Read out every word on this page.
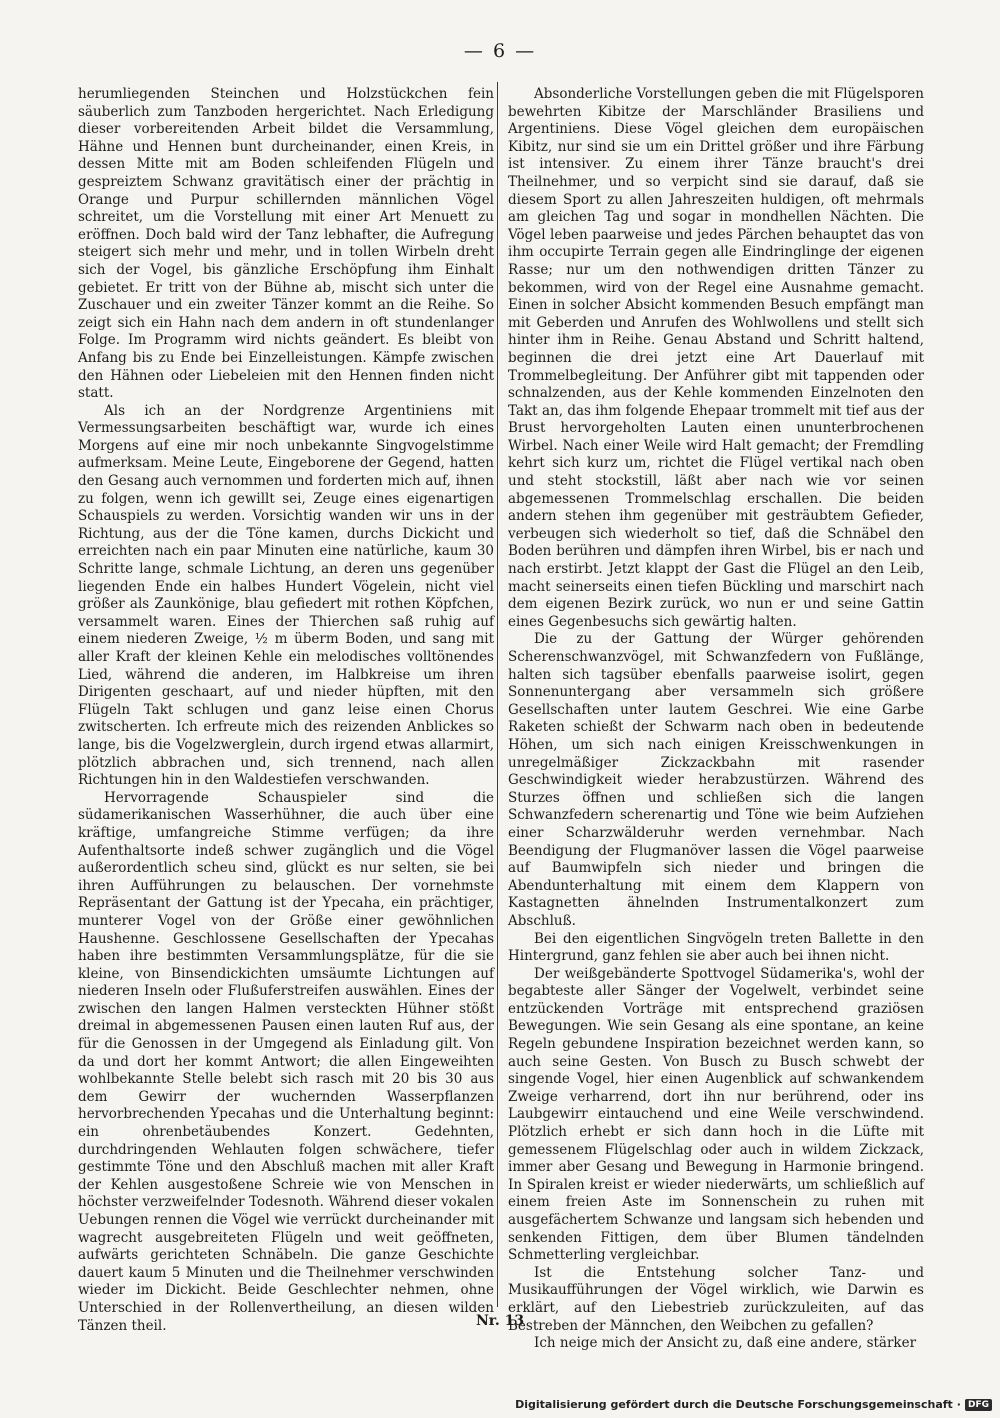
— 6 —

herumliegenden Steinchen und Holzstückchen fein säuberlich zum Tanzboden hergerichtet. Nach Erledigung dieser vorbereitenden Arbeit bildet die Versammlung, Hähne und Hennen bunt durcheinander, einen Kreis, in dessen Mitte mit am Boden schleifenden Flügeln und gespreiztem Schwanz gravitätisch einer der prächtig in Orange und Purpur schillernden männlichen Vögel schreitet, um die Vorstellung mit einer Art Menuett zu eröffnen. Doch bald wird der Tanz lebhafter, die Aufregung steigert sich mehr und mehr, und in tollen Wirbeln dreht sich der Vogel, bis gänzliche Erschöpfung ihm Einhalt gebietet. Er tritt von der Bühne ab, mischt sich unter die Zuschauer und ein zweiter Tänzer kommt an die Reihe. So zeigt sich ein Hahn nach dem andern in oft stundenlanger Folge. Im Programm wird nichts geändert. Es bleibt von Anfang bis zu Ende bei Einzelleistungen. Kämpfe zwischen den Hähnen oder Liebeleien mit den Hennen finden nicht statt.

Als ich an der Nordgrenze Argentiniens mit Vermessungsarbeiten beschäftigt war, wurde ich eines Morgens auf eine mir noch unbekannte Singvogelstimme aufmerksam. Meine Leute, Eingeborene der Gegend, hatten den Gesang auch vernommen und forderten mich auf, ihnen zu folgen, wenn ich gewillt sei, Zeuge eines eigenartigen Schauspiels zu werden. Vorsichtig wanden wir uns in der Richtung, aus der die Töne kamen, durchs Dickicht und erreichten nach ein paar Minuten eine natürliche, kaum 30 Schritte lange, schmale Lichtung, an deren uns gegenüber liegenden Ende ein halbes Hundert Vögelein, nicht viel größer als Zaunkönige, blau gefiedert mit rothen Köpfchen, versammelt waren. Eines der Thierchen saß ruhig auf einem niederen Zweige, ½ m überm Boden, und sang mit aller Kraft der kleinen Kehle ein melodisches volltönendes Lied, während die anderen, im Halbkreise um ihren Dirigenten geschaart, auf und nieder hüpften, mit den Flügeln Takt schlugen und ganz leise einen Chorus zwitscherten. Ich erfreute mich des reizenden Anblickes so lange, bis die Vogelzwerglein, durch irgend etwas allarmirt, plötzlich abbrachen und, sich trennend, nach allen Richtungen hin in den Waldestiefen verschwanden.

Hervorragende Schauspieler sind die südamerikanischen Wasserhühner, die auch über eine kräftige, umfangreiche Stimme verfügen; da ihre Aufenthaltsorte indeß schwer zugänglich und die Vögel außerordentlich scheu sind, glückt es nur selten, sie bei ihren Aufführungen zu belauschen. Der vornehmste Repräsentant der Gattung ist der Ypecaha, ein prächtiger, munterer Vogel von der Größe einer gewöhnlichen Haushenne. Geschlossene Gesellschaften der Ypecahas haben ihre bestimmten Versammlungsplätze, für die sie kleine, von Binsendickichten umsäumte Lichtungen auf niederen Inseln oder Flußuferstreifen auswählen. Eines der zwischen den langen Halmen versteckten Hühner stößt dreimal in abgemessenen Pausen einen lauten Ruf aus, der für die Genossen in der Umgegend als Einladung gilt. Von da und dort her kommt Antwort; die allen Eingeweihten wohlbekannte Stelle belebt sich rasch mit 20 bis 30 aus dem Gewirr der wuchernden Wasserpflanzen hervorbrechenden Ypecahas und die Unterhaltung beginnt: ein ohrenbetäubendes Konzert. Gedehnten, durchdringenden Wehlauten folgen schwächere, tiefer gestimmte Töne und den Abschluß machen mit aller Kraft der Kehlen ausgestoßene Schreie wie von Menschen in höchster verzweifelnder Todesnoth. Während dieser vokalen Uebungen rennen die Vögel wie verrückt durcheinander mit wagrecht ausgebreiteten Flügeln und weit geöffneten, aufwärts gerichteten Schnäbeln. Die ganze Geschichte dauert kaum 5 Minuten und die Theilnehmer verschwinden wieder im Dickicht. Beide Geschlechter nehmen, ohne Unterschied in der Rollenvertheilung, an diesen wilden Tänzen theil.

Absonderliche Vorstellungen geben die mit Flügelsporen bewehrten Kibitze der Marschländer Brasiliens und Argentiniens. Diese Vögel gleichen dem europäischen Kibitz, nur sind sie um ein Drittel größer und ihre Färbung ist intensiver. Zu einem ihrer Tänze braucht's drei Theilnehmer, und so verpicht sind sie darauf, daß sie diesem Sport zu allen Jahreszeiten huldigen, oft mehrmals am gleichen Tag und sogar in mondhellen Nächten. Die Vögel leben paarweise und jedes Pärchen behauptet das von ihm occupirte Terrain gegen alle Eindringlinge der eigenen Rasse; nur um den nothwendigen dritten Tänzer zu bekommen, wird von der Regel eine Ausnahme gemacht. Einen in solcher Absicht kommenden Besuch empfängt man mit Geberden und Anrufen des Wohlwollens und stellt sich hinter ihm in Reihe. Genau Abstand und Schritt haltend, beginnen die drei jetzt eine Art Dauerlauf mit Trommelbegleitung. Der Anführer gibt mit tappenden oder schnalzenden, aus der Kehle kommenden Einzelnoten den Takt an, das ihm folgende Ehepaar trommelt mit tief aus der Brust hervorgeholten Lauten einen ununterbrochenen Wirbel. Nach einer Weile wird Halt gemacht; der Fremdling kehrt sich kurz um, richtet die Flügel vertikal nach oben und steht stockstill, läßt aber nach wie vor seinen abgemessenen Trommelschlag erschallen. Die beiden andern stehen ihm gegenüber mit gesträubtem Gefieder, verbeugen sich wiederholt so tief, daß die Schnäbel den Boden berühren und dämpfen ihren Wirbel, bis er nach und nach erstirbt. Jetzt klappt der Gast die Flügel an den Leib, macht seinerseits einen tiefen Bückling und marschirt nach dem eigenen Bezirk zurück, wo nun er und seine Gattin eines Gegenbesuchs sich gewärtig halten.

Die zu der Gattung der Würger gehörenden Scherenschwanzvögel, mit Schwanzfedern von Fußlänge, halten sich tagsüber ebenfalls paarweise isolirt, gegen Sonnenuntergang aber versammeln sich größere Gesellschaften unter lautem Geschrei. Wie eine Garbe Raketen schießt der Schwarm nach oben in bedeutende Höhen, um sich nach einigen Kreisschwenkungen in unregelmäßiger Zickzackbahn mit rasender Geschwindigkeit wieder herabzustürzen. Während des Sturzes öffnen und schließen sich die langen Schwanzfedern scherenartig und Töne wie beim Aufziehen einer Scharzwälderuhr werden vernehmbar. Nach Beendigung der Flugmanöver lassen die Vögel paarweise auf Baumwipfeln sich nieder und bringen die Abendunterhaltung mit einem dem Klappern von Kastagnetten ähnelnden Instrumentalkonzert zum Abschluß.

Bei den eigentlichen Singvögeln treten Ballette in den Hintergrund, ganz fehlen sie aber auch bei ihnen nicht.

Der weißgebänderte Spottvogel Südamerika's, wohl der begabteste aller Sänger der Vogelwelt, verbindet seine entzückenden Vorträge mit entsprechend graziösen Bewegungen. Wie sein Gesang als eine spontane, an keine Regeln gebundene Inspiration bezeichnet werden kann, so auch seine Gesten. Von Busch zu Busch schwebt der singende Vogel, hier einen Augenblick auf schwankendem Zweige verharrend, dort ihn nur berührend, oder ins Laubgewirr eintauchend und eine Weile verschwindend. Plötzlich erhebt er sich dann hoch in die Lüfte mit gemessenem Flügelschlag oder auch in wildem Zickzack, immer aber Gesang und Bewegung in Harmonie bringend. In Spiralen kreist er wieder niederwärts, um schließlich auf einem freien Aste im Sonnenschein zu ruhen mit ausgefächertem Schwanze und langsam sich hebenden und senkenden Fittigen, dem über Blumen tändelnden Schmetterling vergleichbar.

Ist die Entstehung solcher Tanz- und Musikaufführungen der Vögel wirklich, wie Darwin es erklärt, auf den Liebestrieb zurückzuleiten, auf das Bestreben der Männchen, den Weibchen zu gefallen?

Ich neige mich der Ansicht zu, daß eine andere, stärker

Nr. 13
Digitalisierung gefördert durch die Deutsche Forschungsgemeinschaft · DFG
